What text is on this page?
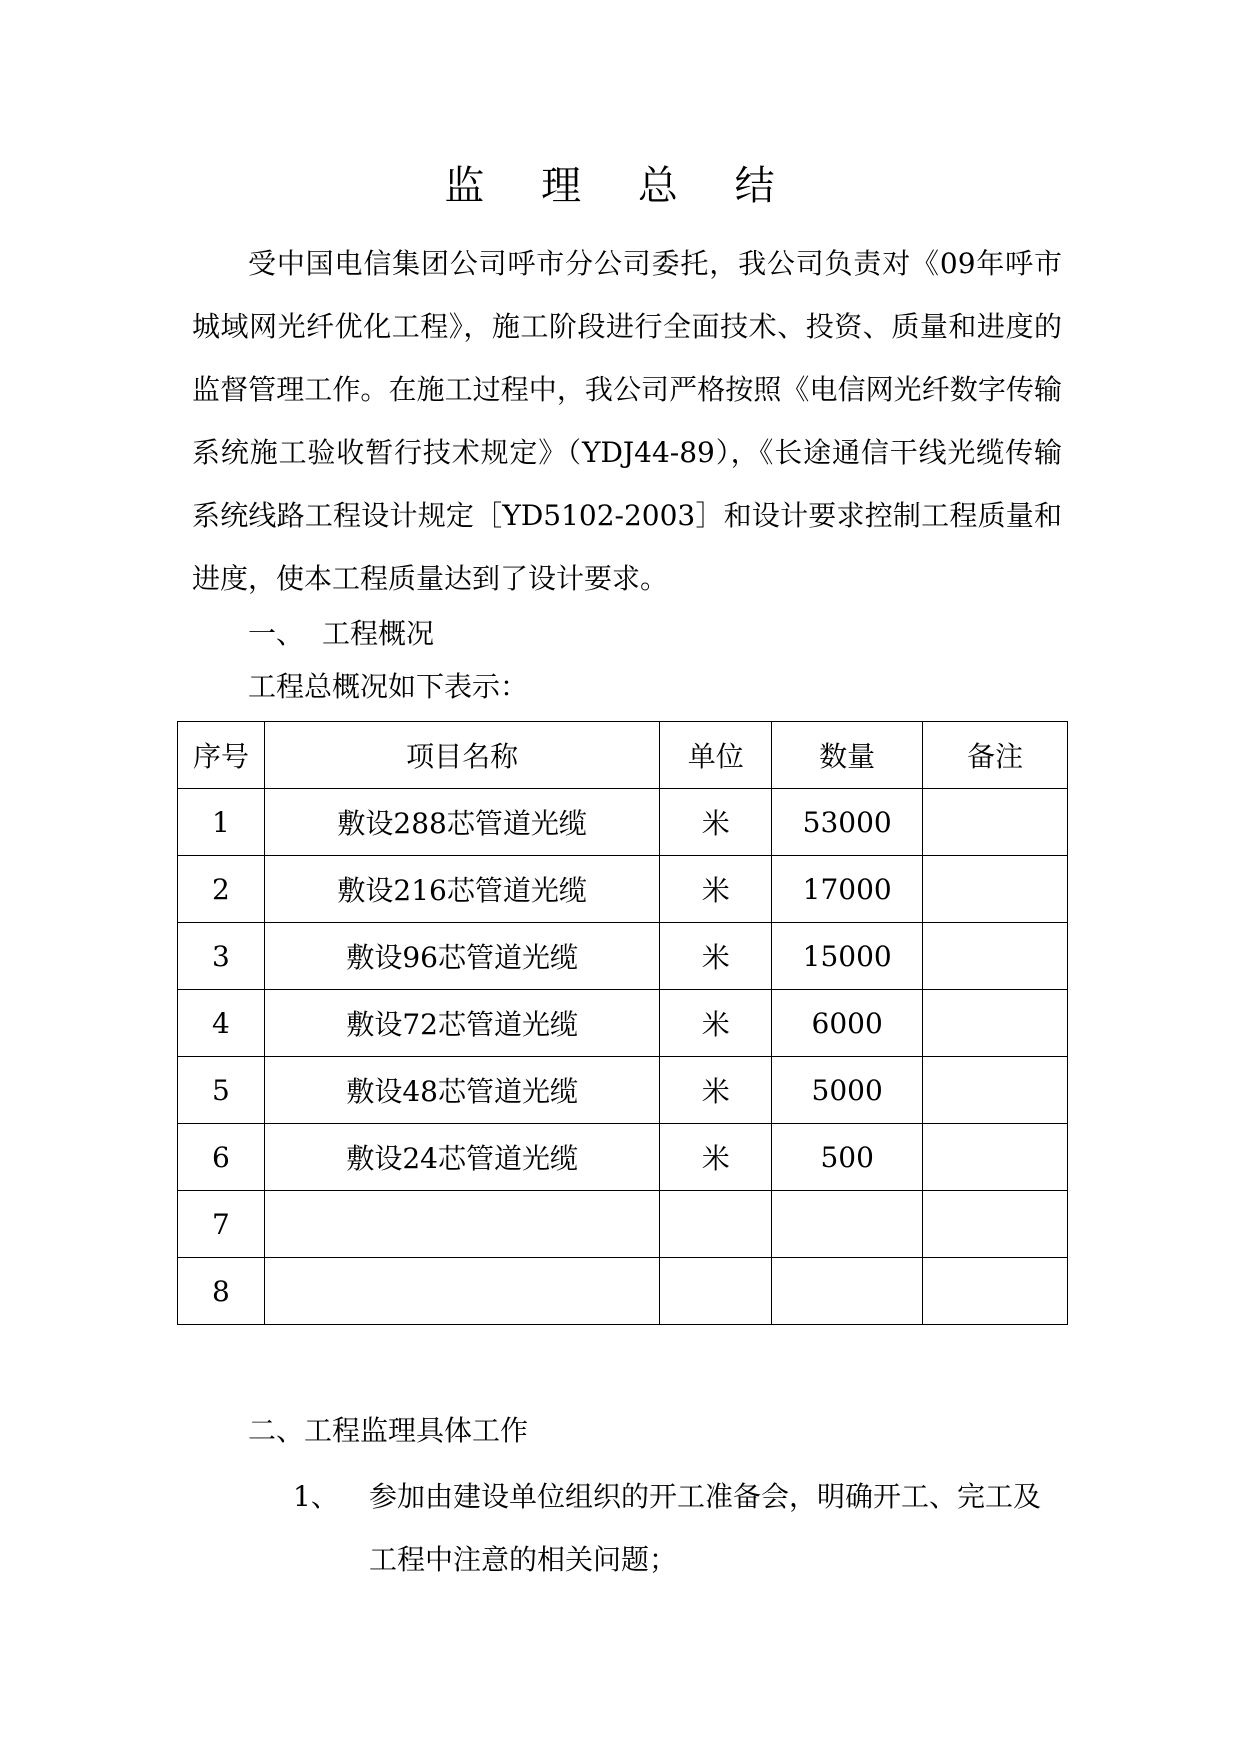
监 理 总 结
受中国电信集团公司呼市分公司委托，我公司负责对《09年呼市城域网光纤优化工程》，施工阶段进行全面技术、投资、质量和进度的监督管理工作。在施工过程中，我公司严格按照《电信网光纤数字传输系统施工验收暂行技术规定》（YDJ44-89），《长途通信干线光缆传输系统线路工程设计规定［YD5102-2003］和设计要求控制工程质量和进度，使本工程质量达到了设计要求。
一、 工程概况
工程总概况如下表示：
序号	项目名称	单位	数量	备注
1	敷设288芯管道光缆	米	53000	
2	敷设216芯管道光缆	米	17000	
3	敷设96芯管道光缆	米	15000	
4	敷设72芯管道光缆	米	6000	
5	敷设48芯管道光缆	米	5000	
6	敷设24芯管道光缆	米	500	
7				
8				
二、工程监理具体工作
1、 参加由建设单位组织的开工准备会，明确开工、完工及
工程中注意的相关问题；
